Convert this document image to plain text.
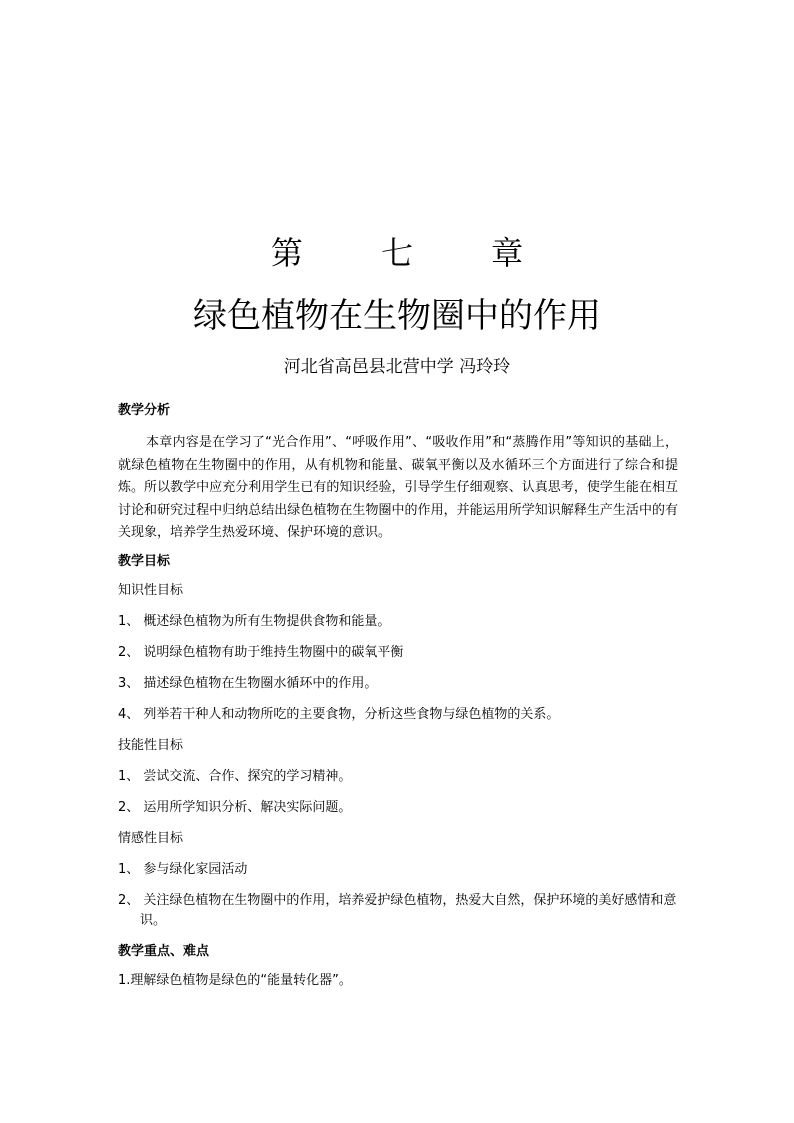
第 七 章
绿色植物在生物圈中的作用
河北省高邑县北营中学 冯玲玲
教学分析
本章内容是在学习了“光合作用”、“呼吸作用”、“吸收作用”和“蒸腾作用”等知识的基础上，就绿色植物在生物圈中的作用，从有机物和能量、碳氧平衡以及水循环三个方面进行了综合和提炼。所以教学中应充分利用学生已有的知识经验，引导学生仔细观察、认真思考，使学生能在相互讨论和研究过程中归纳总结出绿色植物在生物圈中的作用，并能运用所学知识解释生产生活中的有关现象，培养学生热爱环境、保护环境的意识。
教学目标
知识性目标
1、 概述绿色植物为所有生物提供食物和能量。
2、 说明绿色植物有助于维持生物圈中的碳氧平衡
3、 描述绿色植物在生物圈水循环中的作用。
4、 列举若干种人和动物所吃的主要食物，分析这些食物与绿色植物的关系。
技能性目标
1、 尝试交流、合作、探究的学习精神。
2、 运用所学知识分析、解决实际问题。
情感性目标
1、 参与绿化家园活动
2、 关注绿色植物在生物圈中的作用，培养爱护绿色植物，热爱大自然，保护环境的美好感情和意识。
教学重点、难点
1.理解绿色植物是绿色的“能量转化器”。
